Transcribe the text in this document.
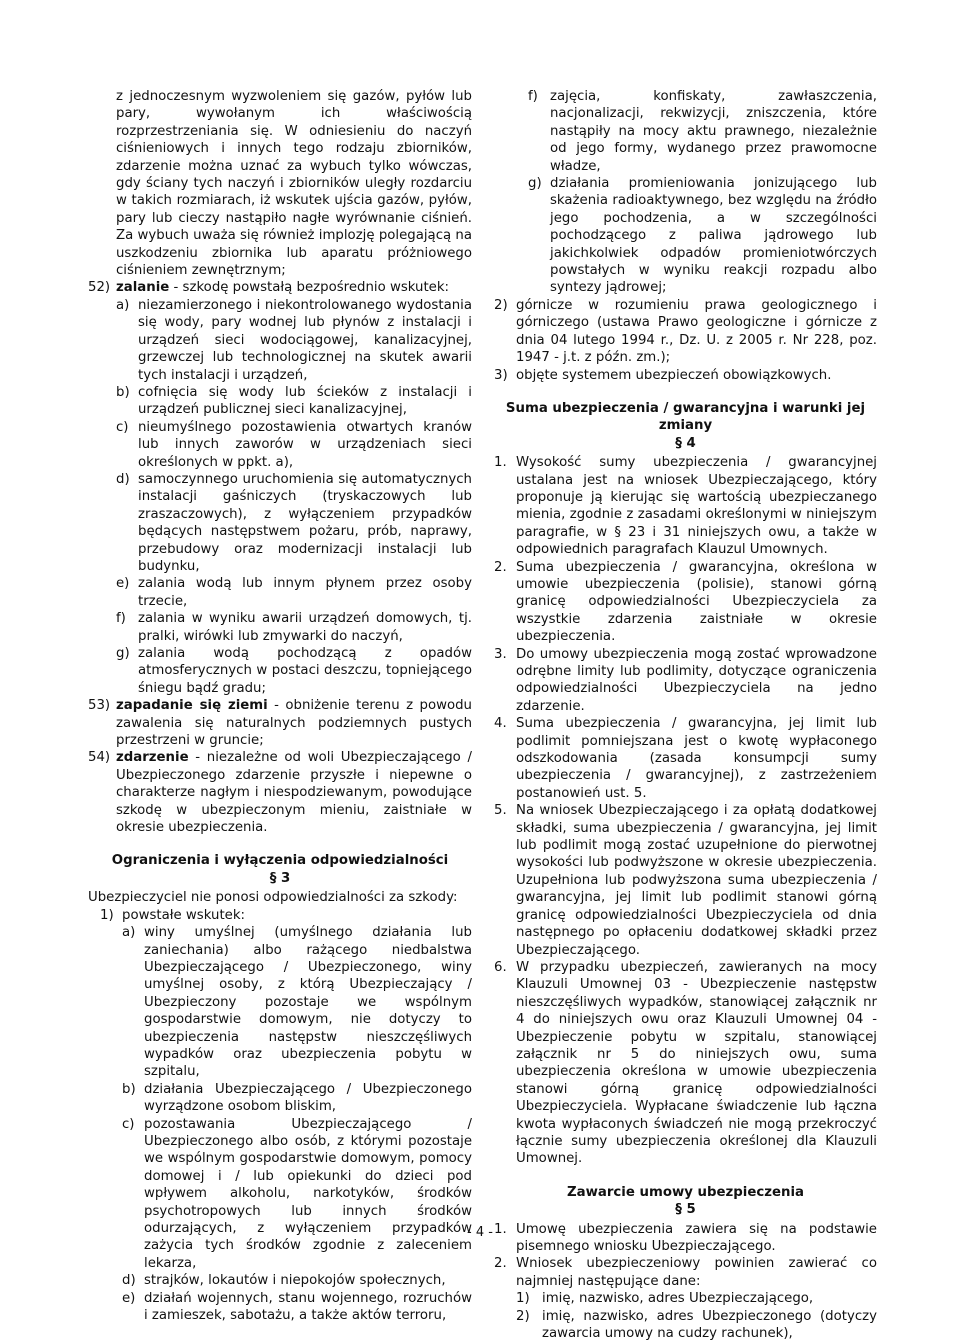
z jednoczesnym wyzwoleniem się gazów, pyłów lub pary, wywołanym ich właściwością rozprzestrzeniania się. W odniesieniu do naczyń ciśnieniowych i innych tego rodzaju zbiorników, zdarzenie można uznać za wybuch tylko wówczas, gdy ściany tych naczyń i zbiorników uległy rozdarciu w takich rozmiarach, iż wskutek ujścia gazów, pyłów, pary lub cieczy nastąpiło nagłe wyrównanie ciśnień. Za wybuch uważa się również implozję polegającą na uszkodzeniu zbiornika lub aparatu próżniowego ciśnieniem zewnętrznym;

52) zalanie - szkodę powstałą bezpośrednio wskutek:

a) niezamierzonego i niekontrolowanego wydostania się wody, pary wodnej lub płynów z instalacji i urządzeń sieci wodociągowej, kanalizacyjnej, grzewczej lub technologicznej na skutek awarii tych instalacji i urządzeń,

b) cofnięcia się wody lub ścieków z instalacji i urządzeń publicznej sieci kanalizacyjnej,

c) nieumyślnego pozostawienia otwartych kranów lub innych zaworów w urządzeniach sieci określonych w ppkt. a),

d) samoczynnego uruchomienia się automatycznych instalacji gaśniczych (tryskaczowych lub zraszaczowych), z wyłączeniem przypadków będących następstwem pożaru, prób, naprawy, przebudowy oraz modernizacji instalacji lub budynku,

e) zalania wodą lub innym płynem przez osoby trzecie,

f) zalania w wyniku awarii urządzeń domowych, tj. pralki, wirówki lub zmywarki do naczyń,

g) zalania wodą pochodzącą z opadów atmosferycznych w postaci deszczu, topniejącego śniegu bądź gradu;

53) zapadanie się ziemi - obniżenie terenu z powodu zawalenia się naturalnych podziemnych pustych przestrzeni w gruncie;

54) zdarzenie - niezależne od woli Ubezpieczającego / Ubezpieczonego zdarzenie przyszłe i niepewne o charakterze nagłym i niespodziewanym, powodujące szkodę w ubezpieczonym mieniu, zaistniałe w okresie ubezpieczenia.

Ograniczenia i wyłączenia odpowiedzialności

§ 3

Ubezpieczyciel nie ponosi odpowiedzialności za szkody:

1) powstałe wskutek:

a) winy umyślnej (umyślnego działania lub zaniechania) albo rażącego niedbalstwa Ubezpieczającego / Ubezpieczonego, winy umyślnej osoby, z którą Ubezpieczający / Ubezpieczony pozostaje we wspólnym gospodarstwie domowym, nie dotyczy to ubezpieczenia następstw nieszczęśliwych wypadków oraz ubezpieczenia pobytu w szpitalu,

b) działania Ubezpieczającego / Ubezpieczonego wyrządzone osobom bliskim,

c) pozostawania Ubezpieczającego / Ubezpieczonego albo osób, z którymi pozostaje we wspólnym gospodarstwie domowym, pomocy domowej i / lub opiekunki do dzieci pod wpływem alkoholu, narkotyków, środków psychotropowych lub innych środków odurzających, z wyłączeniem przypadków zażycia tych środków zgodnie z zaleceniem lekarza,

d) strajków, lokautów i niepokojów społecznych,

e) działań wojennych, stanu wojennego, rozruchów i zamieszek, sabotażu, a także aktów terroru,

f) zajęcia, konfiskaty, zawłaszczenia, nacjonalizacji, rekwizycji, zniszczenia, które nastąpiły na mocy aktu prawnego, niezależnie od jego formy, wydanego przez prawomocne władze,

g) działania promieniowania jonizującego lub skażenia radioaktywnego, bez względu na źródło jego pochodzenia, a w szczególności pochodzącego z paliwa jądrowego lub jakichkolwiek odpadów promieniotwórczych powstałych w wyniku reakcji rozpadu albo syntezy jądrowej;

2) górnicze w rozumieniu prawa geologicznego i górniczego (ustawa Prawo geologiczne i górnicze z dnia 04 lutego 1994 r., Dz. U. z 2005 r. Nr 228, poz. 1947 - j.t. z późn. zm.);

3) objęte systemem ubezpieczeń obowiązkowych.

Suma ubezpieczenia / gwarancyjna i warunki jej zmiany

§ 4

1. Wysokość sumy ubezpieczenia / gwarancyjnej ustalana jest na wniosek Ubezpieczającego, który proponuje ją kierując się wartością ubezpieczanego mienia, zgodnie z zasadami określonymi w niniejszym paragrafie, w § 23 i 31 niniejszych owu, a także w odpowiednich paragrafach Klauzul Umownych.

2. Suma ubezpieczenia / gwarancyjna, określona w umowie ubezpieczenia (polisie), stanowi górną granicę odpowiedzialności Ubezpieczyciela za wszystkie zdarzenia zaistniałe w okresie ubezpieczenia.

3. Do umowy ubezpieczenia mogą zostać wprowadzone odrębne limity lub podlimity, dotyczące ograniczenia odpowiedzialności Ubezpieczyciela na jedno zdarzenie.

4. Suma ubezpieczenia / gwarancyjna, jej limit lub podlimit pomniejszana jest o kwotę wypłaconego odszkodowania (zasada konsumpcji sumy ubezpieczenia / gwarancyjnej), z zastrzeżeniem postanowień ust. 5.

5. Na wniosek Ubezpieczającego i za opłatą dodatkowej składki, suma ubezpieczenia / gwarancyjna, jej limit lub podlimit mogą zostać uzupełnione do pierwotnej wysokości lub podwyższone w okresie ubezpieczenia. Uzupełniona lub podwyższona suma ubezpieczenia / gwarancyjna, jej limit lub podlimit stanowi górną granicę odpowiedzialności Ubezpieczyciela od dnia następnego po opłaceniu dodatkowej składki przez Ubezpieczającego.

6. W przypadku ubezpieczeń, zawieranych na mocy Klauzuli Umownej 03 - Ubezpieczenie następstw nieszczęśliwych wypadków, stanowiącej załącznik nr 4 do niniejszych owu oraz Klauzuli Umownej 04 - Ubezpieczenie pobytu w szpitalu, stanowiącej załącznik nr 5 do niniejszych owu, suma ubezpieczenia określona w umowie ubezpieczenia stanowi górną granicę odpowiedzialności Ubezpieczyciela. Wypłacane świadczenie lub łączna kwota wypłaconych świadczeń nie mogą przekroczyć łącznie sumy ubezpieczenia określonej dla Klauzuli Umownej.

Zawarcie umowy ubezpieczenia

§ 5

1. Umowę ubezpieczenia zawiera się na podstawie pisemnego wniosku Ubezpieczającego.

2. Wniosek ubezpieczeniowy powinien zawierać co najmniej następujące dane:

1) imię, nazwisko, adres Ubezpieczającego,

2) imię, nazwisko, adres Ubezpieczonego (dotyczy zawarcia umowy na cudzy rachunek),

- 4 -
